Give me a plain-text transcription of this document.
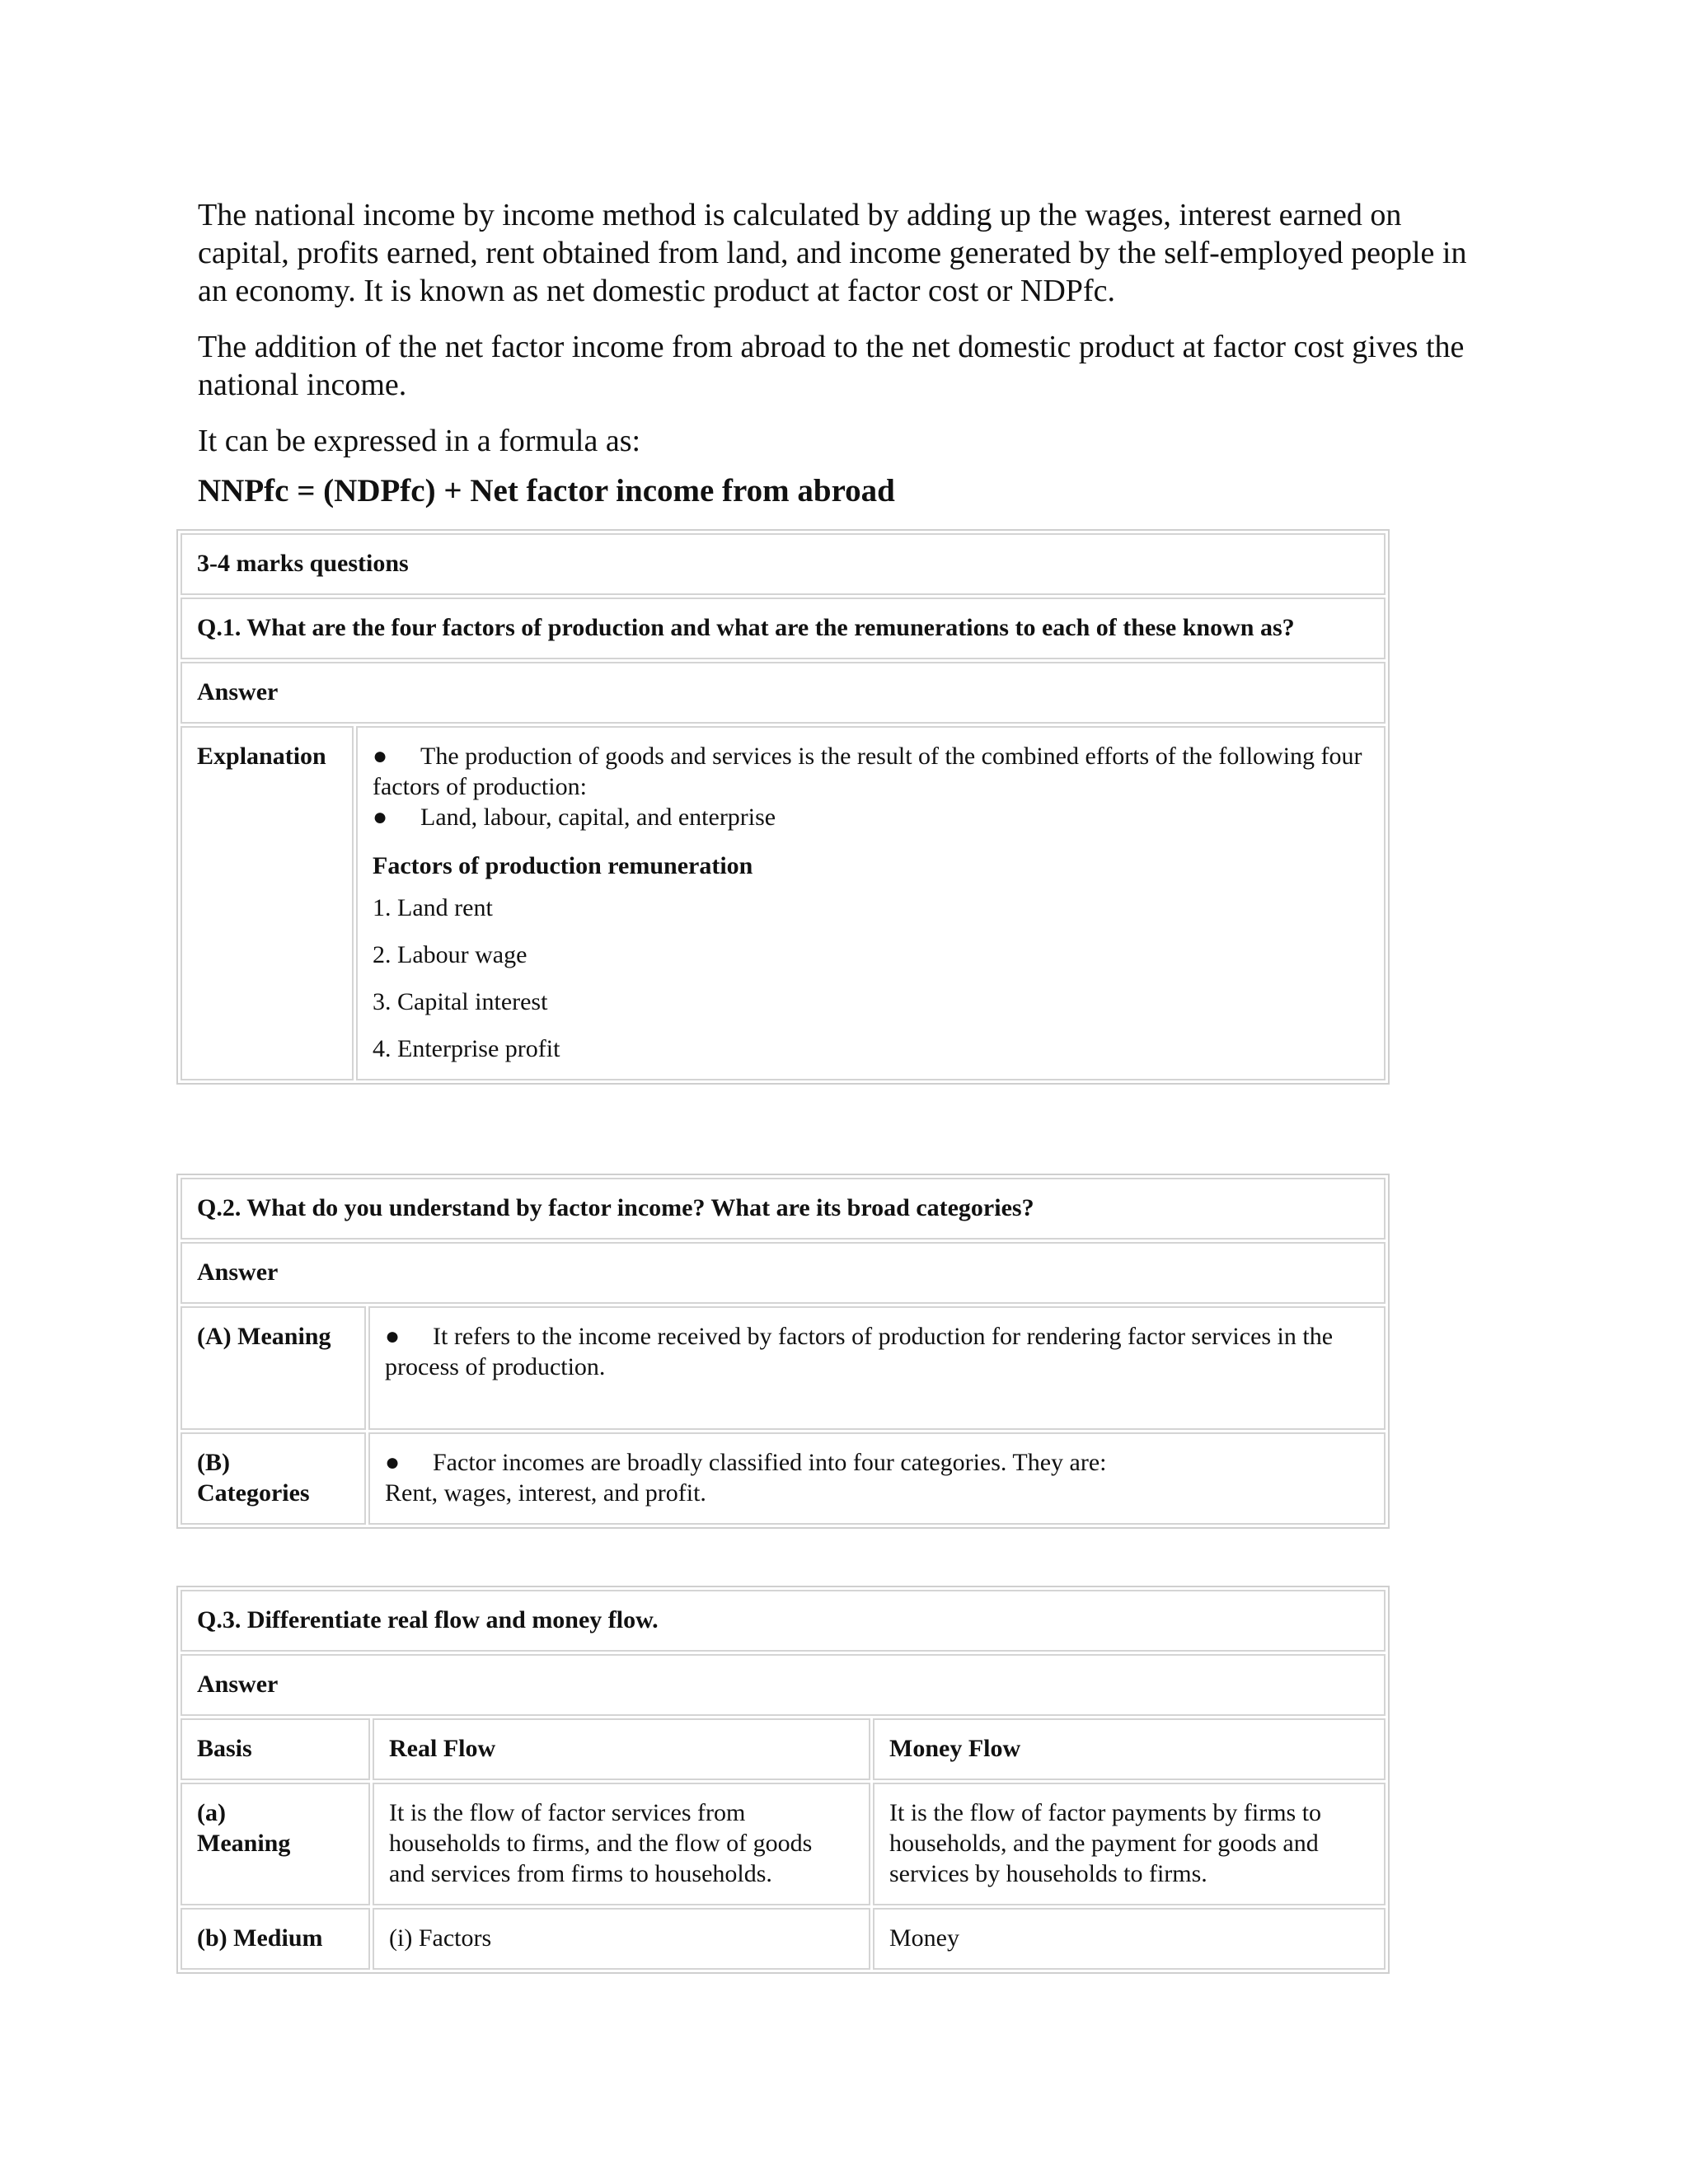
The national income by income method is calculated by adding up the wages, interest earned on capital, profits earned, rent obtained from land, and income generated by the self-employed people in an economy. It is known as net domestic product at factor cost or NDPfc.

The addition of the net factor income from abroad to the net domestic product at factor cost gives the national income.

It can be expressed in a formula as:

NNPfc = (NDPfc) + Net factor income from abroad

3-4 marks questions
Q.1. What are the four factors of production and what are the remunerations to each of these known as?
Answer
Explanation	● The production of goods and services is the result of the combined efforts of the following four factors of production:

● Land, labour, capital, and enterprise

Factors of production remuneration

1. Land rent

2. Labour wage

3. Capital interest

4. Enterprise profit

Q.2. What do you understand by factor income? What are its broad categories?	
Answer	
(A) Meaning	● It refers to the income received by factors of production for rendering factor services in the process of production.
(B)
Categories	● Factor incomes are broadly classified into four categories. They are:
Rent, wages, interest, and profit.
Q.3. Differentiate real flow and money flow.		
Answer		
Basis	Real Flow	Money Flow
(a)
Meaning	It is the flow of factor services from households to firms, and the flow of goods and services from firms to households.	It is the flow of factor payments by firms to households, and the payment for goods and services by households to firms.
(b) Medium	(i) Factors	Money
